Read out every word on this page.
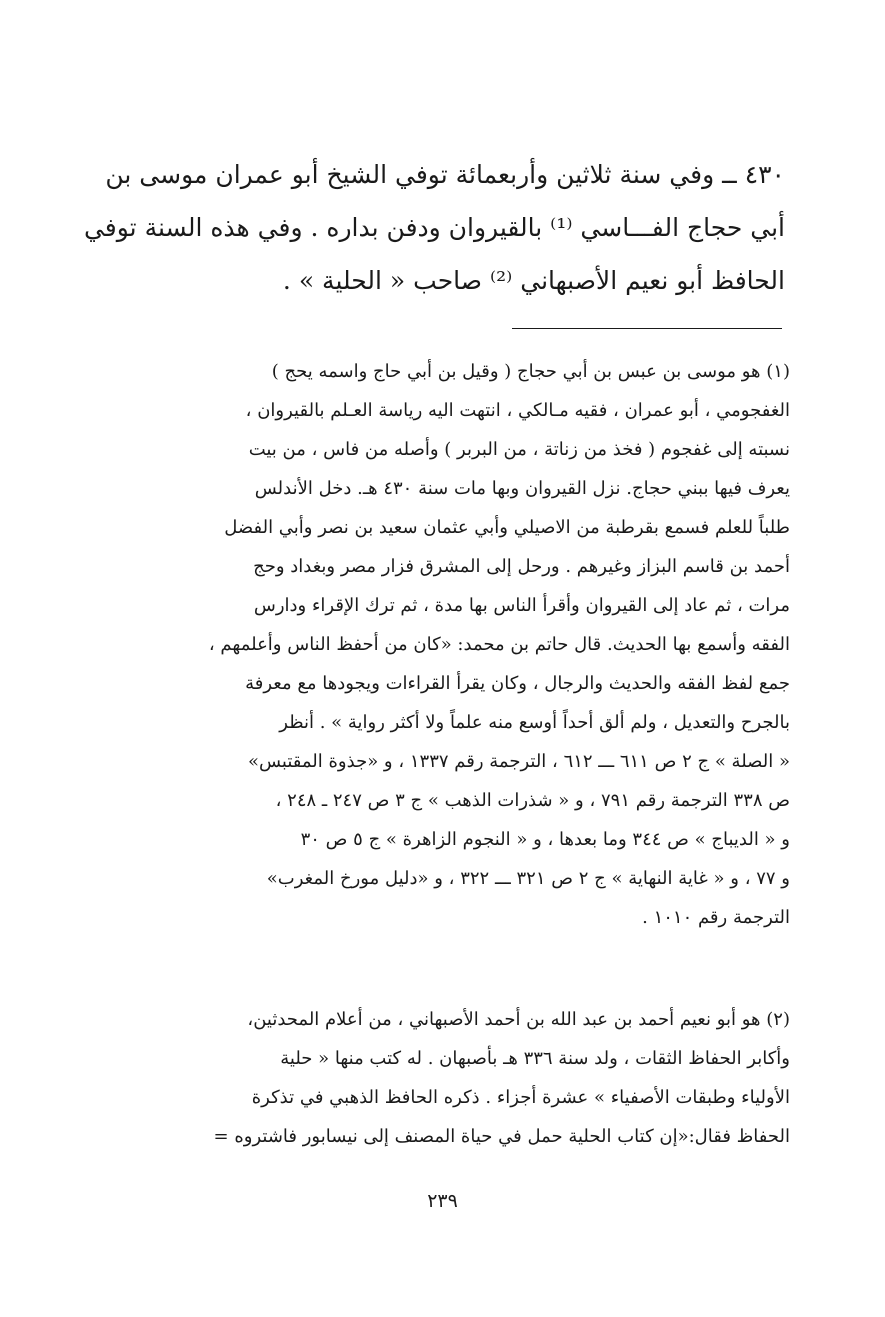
٤٣٠ ــ وفي سنة ثلاثين وأربعمائة توفي الشيخ أبو عمران موسى بن
أبي حجاج الفـــاسي ⁽¹⁾ بالقيروان ودفن بداره . وفي هذه السنة توفي
الحافظ أبو نعيم الأصبهاني ⁽²⁾ صاحب « الحلية » .
(١) هو موسى بن عبس بن أبي حجاج ( وقيل بن أبي حاج واسمه يحج )
الغفجومي ، أبو عمران ، فقيه مـالكي ، انتهت اليه رياسة العـلم بالقيروان ،
نسبته إلى غفجوم ( فخذ من زناتة ، من البربر ) وأصله من فاس ، من بيت
يعرف فيها ببني حجاج. نزل القيروان وبها مات سنة ٤٣٠ هـ. دخل الأندلس
طلباً للعلم فسمع بقرطبة من الاصيلي وأبي عثمان سعيد بن نصر وأبي الفضل
أحمد بن قاسم البزاز وغيرهم . ورحل إلى المشرق فزار مصر وبغداد وحج
مرات ، ثم عاد إلى القيروان وأقرأ الناس بها مدة ، ثم ترك الإقراء ودارس
الفقه وأسمع بها الحديث. قال حاتم بن محمد: «كان من أحفظ الناس وأعلمهم ،
جمع لفظ الفقه والحديث والرجال ، وكان يقرأ القراءات ويجودها مع معرفة
بالجرح والتعديل ، ولم ألق أحداً أوسع منه علماً ولا أكثر رواية » . أنظر
« الصلة » ج ٢ ص ٦١١ ـــ ٦١٢ ، الترجمة رقم ١٣٣٧ ، و «جذوة المقتبس»
ص ٣٣٨ الترجمة رقم ٧٩١ ، و « شذرات الذهب » ج ٣ ص ٢٤٧ ـ ٢٤٨ ،
و « الديباج » ص ٣٤٤ وما بعدها ، و « النجوم الزاهرة » ج ٥ ص ٣٠
و ٧٧ ، و « غاية النهاية » ج ٢ ص ٣٢١ ـــ ٣٢٢ ، و «دليل مورخ المغرب»
الترجمة رقم ١٠١٠ .
(٢) هو أبو نعيم أحمد بن عبد الله بن أحمد الأصبهاني ، من أعلام المحدثين،
وأكابر الحفاظ الثقات ، ولد سنة ٣٣٦ هـ بأصبهان . له كتب منها « حلية
الأولياء وطبقات الأصفياء » عشرة أجزاء . ذكره الحافظ الذهبي في تذكرة
الحفاظ فقال:«إن كتاب الحلية حمل في حياة المصنف إلى نيسابور فاشتروه =
٢٣٩
